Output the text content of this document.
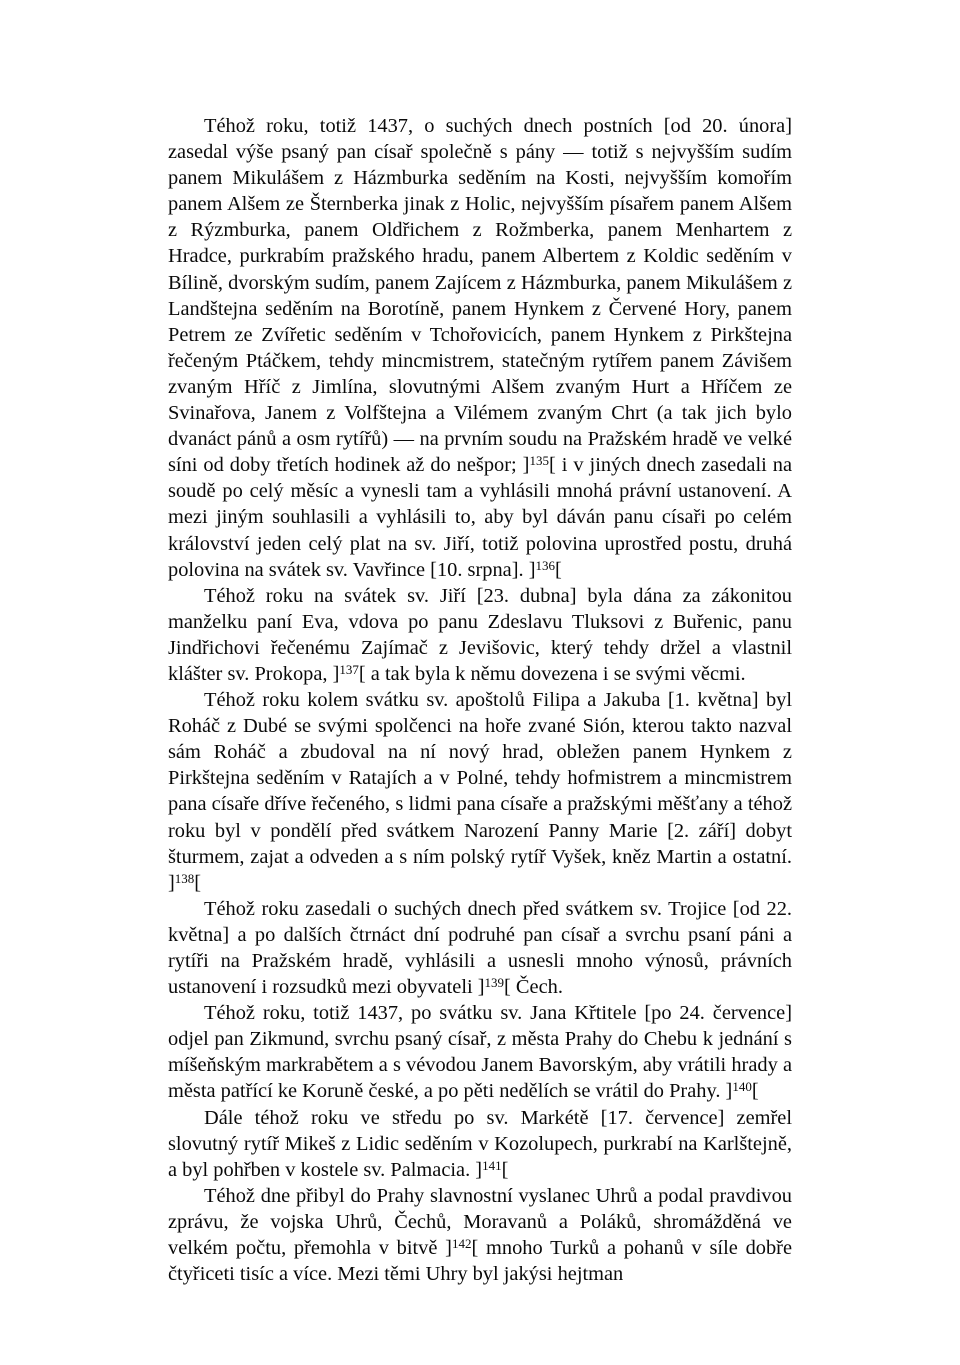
Téhož roku, totiž 1437, o suchých dnech postních [od 20. února] zasedal výše psaný pan císař společně s pány — totiž s nejvyšším sudím panem Mikulášem z Házmburka seděním na Kosti, nejvyšším komořím panem Alšem ze Šternberka jinak z Holic, nejvyšším písařem panem Alšem z Rýzmburka, panem Oldřichem z Rožmberka, panem Menhartem z Hradce, purkrabím pražského hradu, panem Albertem z Koldic seděním v Bílině, dvorským sudím, panem Zajícem z Házmburka, panem Mikulášem z Landštejna seděním na Borotíně, panem Hynkem z Červené Hory, panem Petrem ze Zvířetic seděním v Tchořovicích, panem Hynkem z Pirkštejna řečeným Ptáčkem, tehdy mincmistrem, statečným rytířem panem Závišem zvaným Hříč z Jimlína, slovutnými Alšem zvaným Hurt a Hříčem ze Svinařova, Janem z Volfštejna a Vilémem zvaným Chrt (a tak jich bylo dvanáct pánů a osm rytířů) — na prvním soudu na Pražském hradě ve velké síni od doby třetích hodinek až do nešpor; ]$^{135}$[ i v jiných dnech zasedali na soudě po celý měsíc a vynesli tam a vyhlásili mnohá právní ustanovení. A mezi jiným souhlasili a vyhlásili to, aby byl dáván panu císaři po celém království jeden celý plat na sv. Jiří, totiž polovina uprostřed postu, druhá polovina na svátek sv. Vavřince [10. srpna]. ]$^{136}$[

Téhož roku na svátek sv. Jiří [23. dubna] byla dána za zákonitou manželku paní Eva, vdova po panu Zdeslavu Tluksovi z Buřenic, panu Jindřichovi řečenému Zajímač z Jevišovic, který tehdy držel a vlastnil klášter sv. Prokopa, ]$^{137}$[ a tak byla k němu dovezena i se svými věcmi.

Téhož roku kolem svátku sv. apoštolů Filipa a Jakuba [1. května] byl Roháč z Dubé se svými spolčenci na hoře zvané Sión, kterou takto nazval sám Roháč a zbudoval na ní nový hrad, obležen panem Hynkem z Pirkštejna seděním v Ratajích a v Polné, tehdy hofmistrem a mincmistrem pana císaře dříve řečeného, s lidmi pana císaře a pražskými měšťany a téhož roku byl v pondělí před svátkem Narození Panny Marie [2. září] dobyt šturmem, zajat a odveden a s ním polský rytíř Vyšek, kněz Martin a ostatní. ]$^{138}$[

Téhož roku zasedali o suchých dnech před svátkem sv. Trojice [od 22. května] a po dalších čtrnáct dní podruhé pan císař a svrchu psaní páni a rytíři na Pražském hradě, vyhlásili a usnesli mnoho výnosů, právních ustanovení i rozsudků mezi obyvateli ]$^{139}$[ Čech.

Téhož roku, totiž 1437, po svátku sv. Jana Křtitele [po 24. července] odjel pan Zikmund, svrchu psaný císař, z města Prahy do Chebu k jednání s míšeňským markrabětem a s vévodou Janem Bavorským, aby vrátili hrady a města patřící ke Koruně české, a po pěti nedělích se vrátil do Prahy. ]$^{140}$[

Dále téhož roku ve středu po sv. Markétě [17. července] zemřel slovutný rytíř Mikeš z Lidic seděním v Kozolupech, purkrabí na Karlštejně, a byl pohřben v kostele sv. Palmacia. ]$^{141}$[

Téhož dne přibyl do Prahy slavnostní vyslanec Uhrů a podal pravdivou zprávu, že vojska Uhrů, Čechů, Moravanů a Poláků, shromážděná ve velkém počtu, přemohla v bitvě ]$^{142}$[ mnoho Turků a pohanů v síle dobře čtyřiceti tisíc a více. Mezi těmi Uhry byl jakýsi hejtman
